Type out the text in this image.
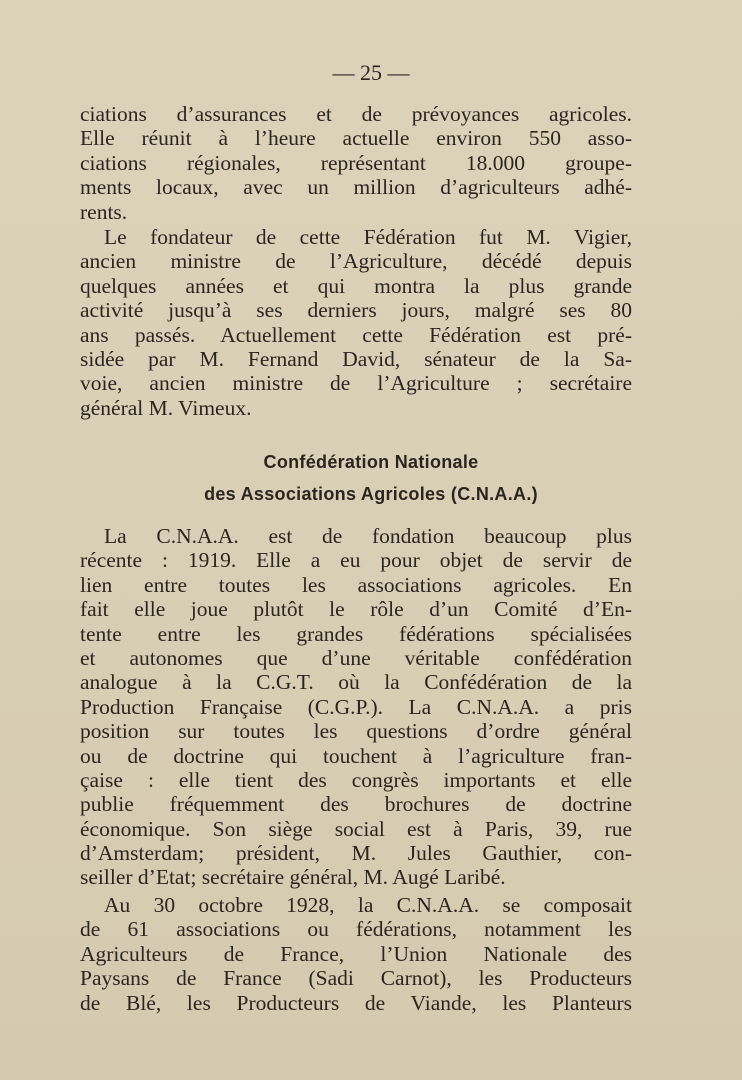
— 25 —
ciations d’assurances et de prévoyances agricoles.
Elle réunit à l’heure actuelle environ 550 asso-
ciations régionales, représentant 18.000 groupe-
ments locaux, avec un million d’agriculteurs adhé-
rents.
Le fondateur de cette Fédération fut M. Vigier,
ancien ministre de l’Agriculture, décédé depuis
quelques années et qui montra la plus grande
activité jusqu’à ses derniers jours, malgré ses 80
ans passés. Actuellement cette Fédération est pré-
sidée par M. Fernand David, sénateur de la Sa-
voie, ancien ministre de l’Agriculture ; secrétaire
général M. Vimeux.
Confédération Nationale
des Associations Agricoles (C.N.A.A.)
La C.N.A.A. est de fondation beaucoup plus
récente : 1919. Elle a eu pour objet de servir de
lien entre toutes les associations agricoles. En
fait elle joue plutôt le rôle d’un Comité d’En-
tente entre les grandes fédérations spécialisées
et autonomes que d’une véritable confédération
analogue à la C.G.T. où la Confédération de la
Production Française (C.G.P.). La C.N.A.A. a pris
position sur toutes les questions d’ordre général
ou de doctrine qui touchent à l’agriculture fran-
çaise : elle tient des congrès importants et elle
publie fréquemment des brochures de doctrine
économique. Son siège social est à Paris, 39, rue
d’Amsterdam; président, M. Jules Gauthier, con-
seiller d’Etat; secrétaire général, M. Augé Laribé.
Au 30 octobre 1928, la C.N.A.A. se composait
de 61 associations ou fédérations, notamment les
Agriculteurs de France, l’Union Nationale des
Paysans de France (Sadi Carnot), les Producteurs
de Blé, les Producteurs de Viande, les Planteurs
